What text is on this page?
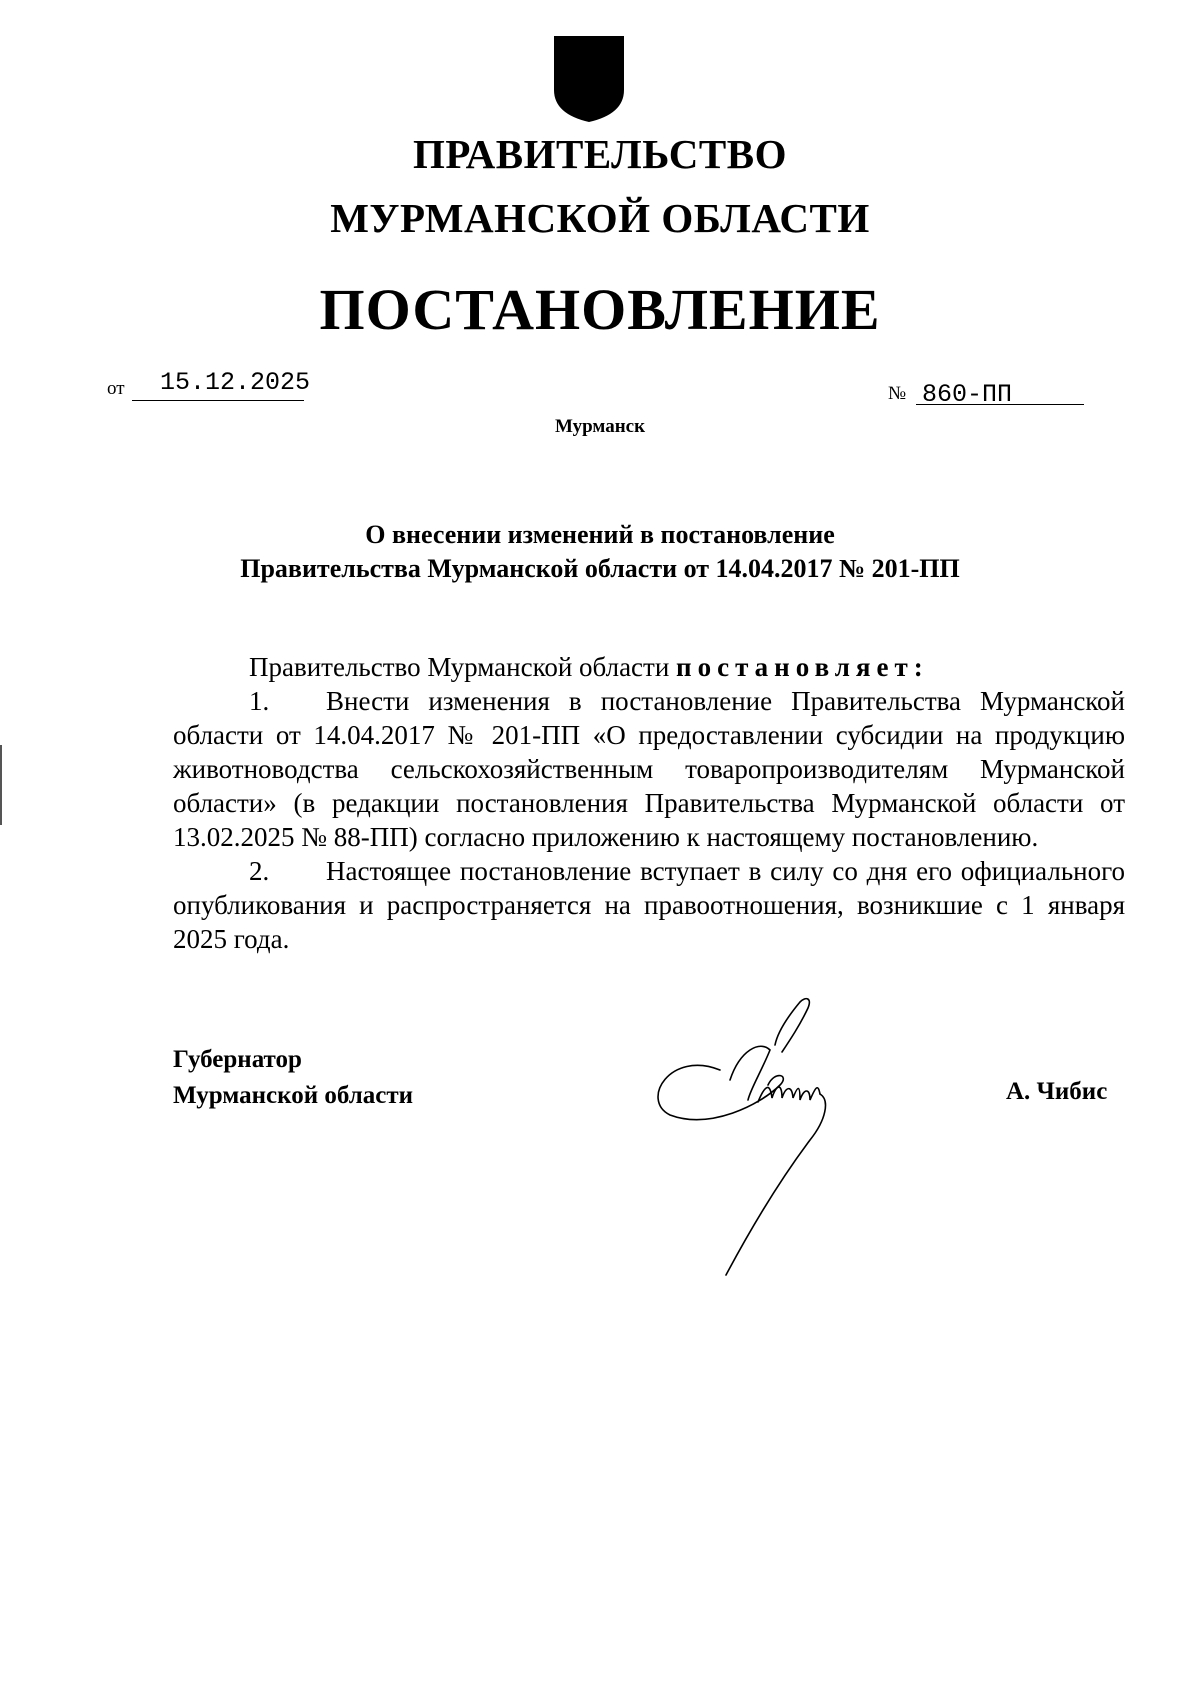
ПРАВИТЕЛЬСТВО
МУРМАНСКОЙ ОБЛАСТИ
ПОСТАНОВЛЕНИЕ
от 15.12.2025	№ 860-ПП
Мурманск
О внесении изменений в постановление
Правительства Мурманской области от 14.04.2017 № 201-ПП

Правительство Мурманской области постановляет:

1. Внести изменения в постановление Правительства Мурманской области от 14.04.2017 № 201-ПП «О предоставлении субсидии на продукцию животноводства сельскохозяйственным товаропроизводителям Мурманской области» (в редакции постановления Правительства Мурманской области от 13.02.2025 № 88-ПП) согласно приложению к настоящему постановлению.

2. Настоящее постановление вступает в силу со дня его официального опубликования и распространяется на правоотношения, возникшие с 1 января 2025 года.

Губернатор
Мурманской области	А. Чибис
